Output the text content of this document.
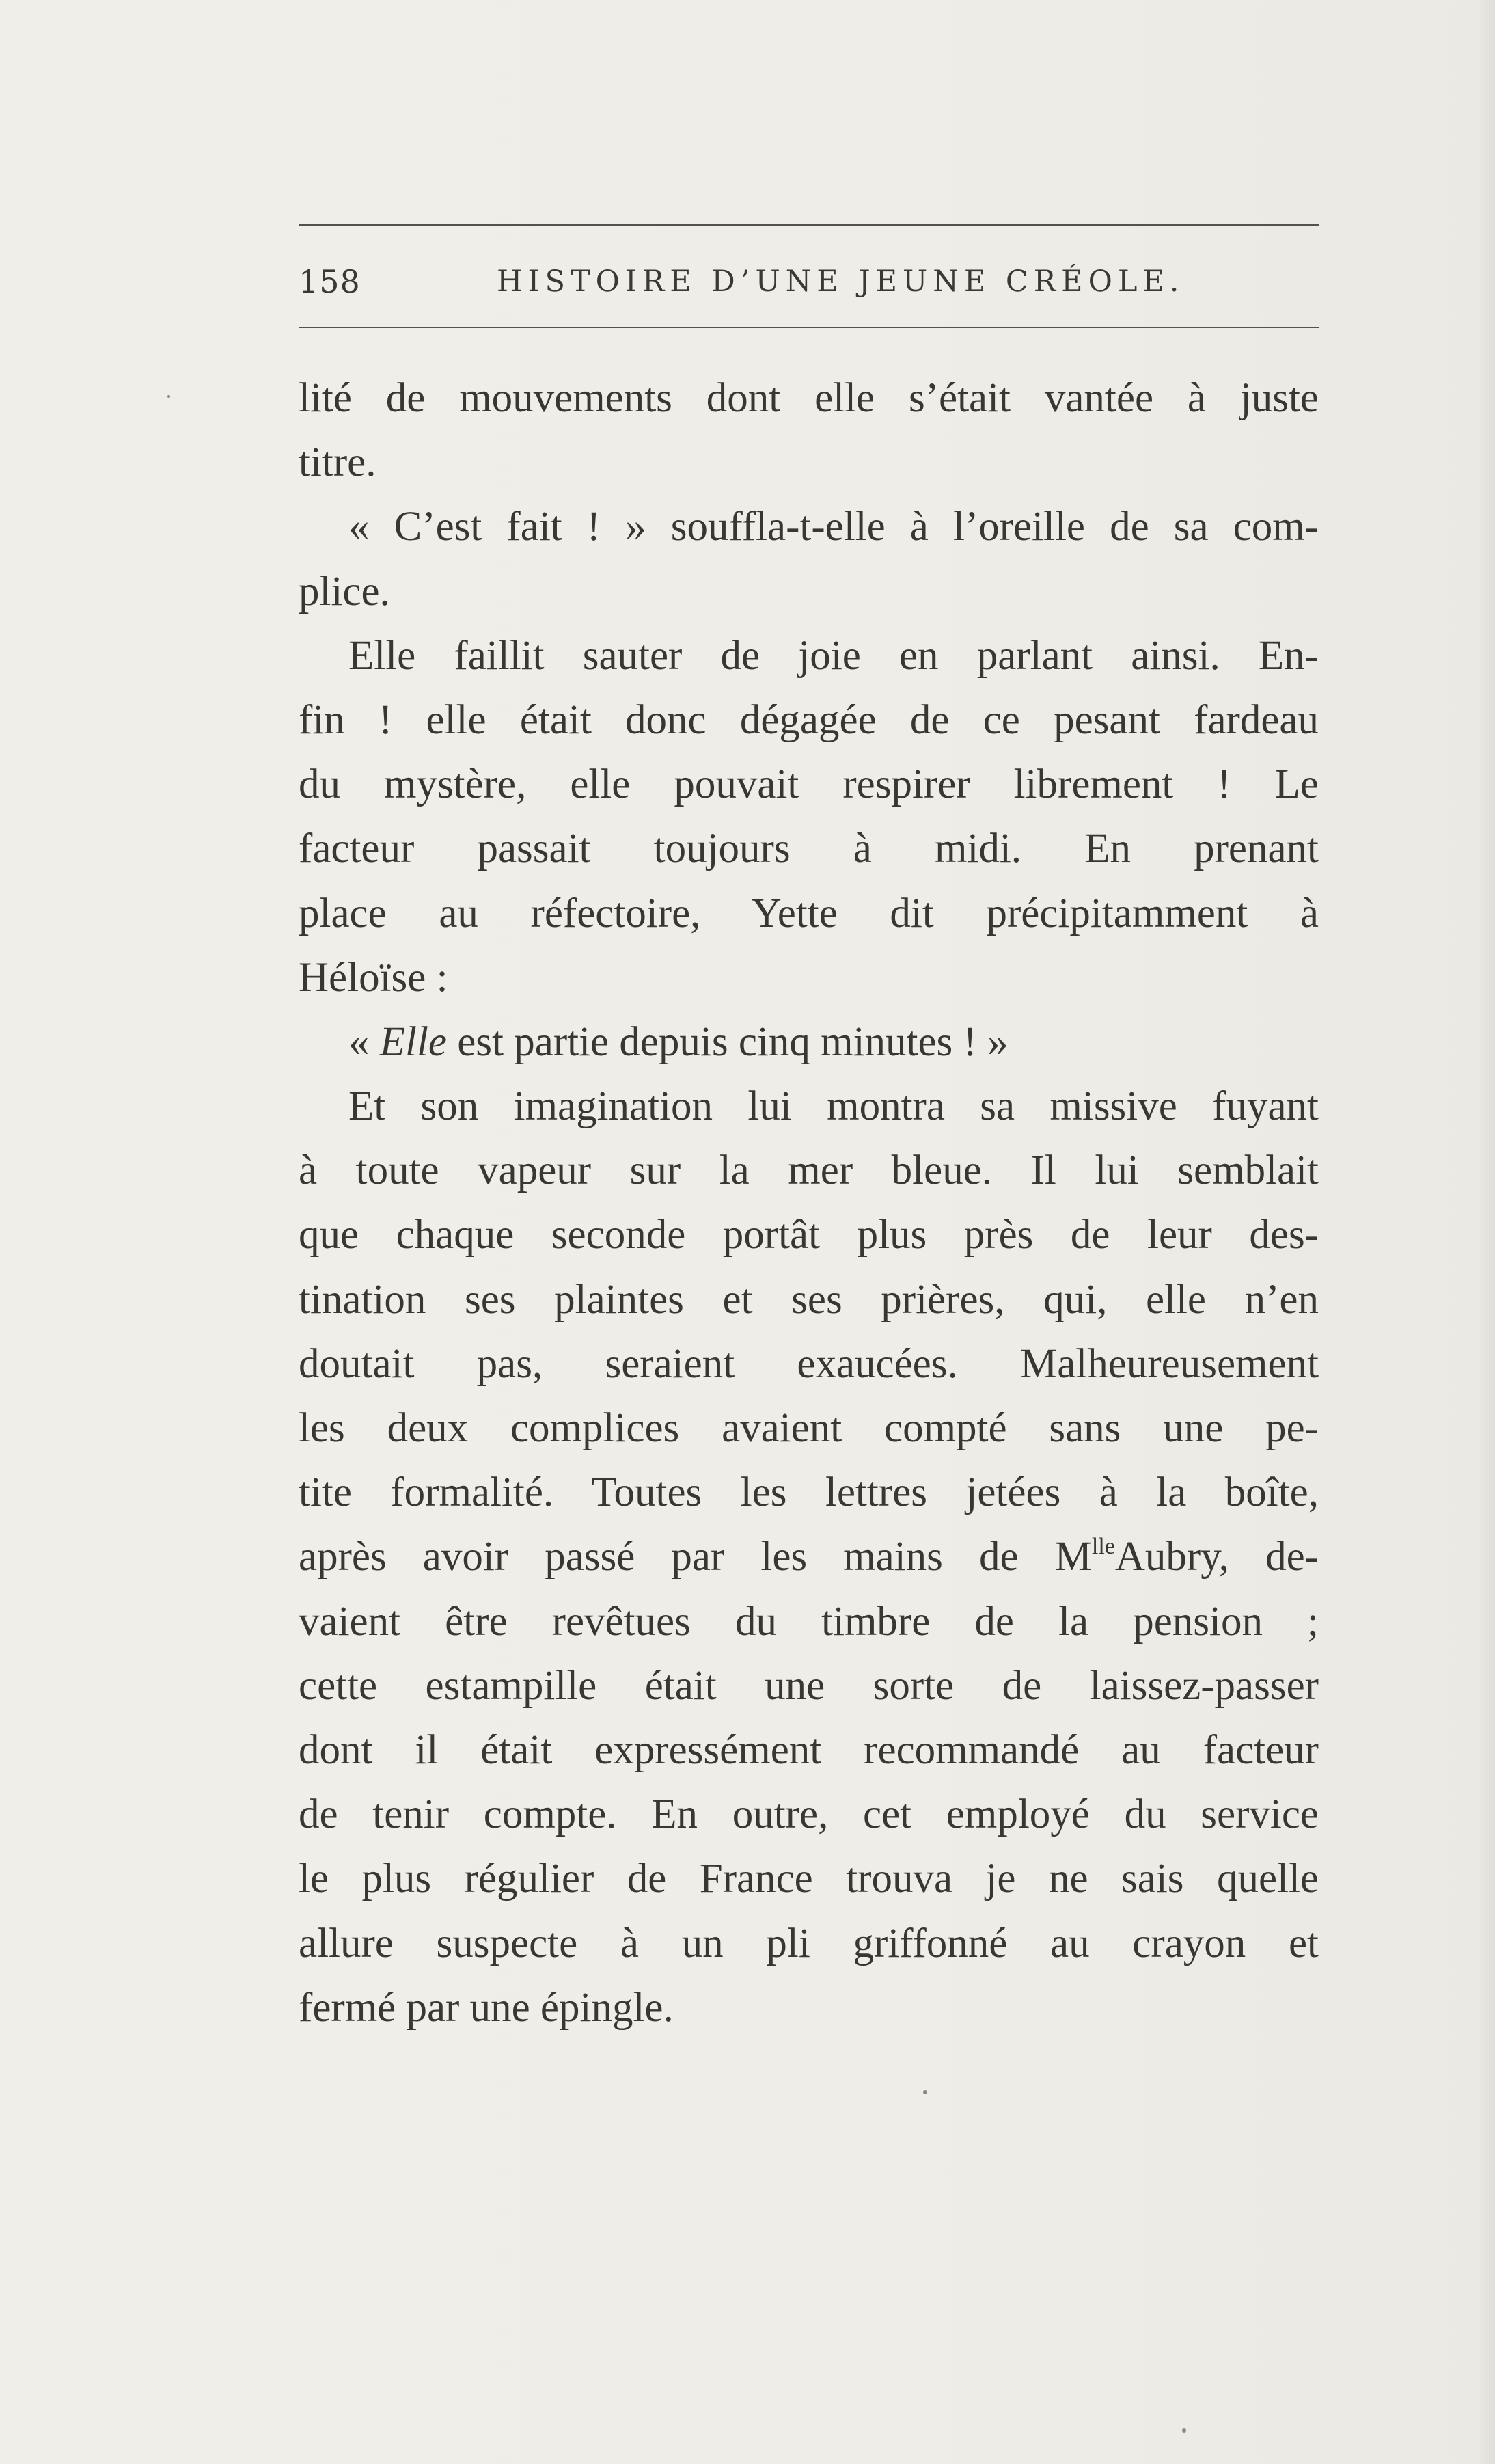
158	HISTOIRE D’UNE JEUNE CRÉOLE.
lité de mouvements dont elle s’était vantée à juste
titre.
« C’est fait ! » souffla-t-elle à l’oreille de sa com-
plice.
Elle faillit sauter de joie en parlant ainsi. En-
fin ! elle était donc dégagée de ce pesant fardeau
du mystère, elle pouvait respirer librement ! Le
facteur passait toujours à midi. En prenant
place au réfectoire, Yette dit précipitamment à
Héloïse :
« Elle est partie depuis cinq minutes ! »
Et son imagination lui montra sa missive fuyant
à toute vapeur sur la mer bleue. Il lui semblait
que chaque seconde portât plus près de leur des-
tination ses plaintes et ses prières, qui, elle n’en
doutait pas, seraient exaucées. Malheureusement
les deux complices avaient compté sans une pe-
tite formalité. Toutes les lettres jetées à la boîte,
après avoir passé par les mains de $M^{lle}Aubry$, de-
vaient être revêtues du timbre de la pension ;
cette estampille était une sorte de laissez-passer
dont il était expressément recommandé au facteur
de tenir compte. En outre, cet employé du service
le plus régulier de France trouva je ne sais quelle
allure suspecte à un pli griffonné au crayon et
fermé par une épingle.
